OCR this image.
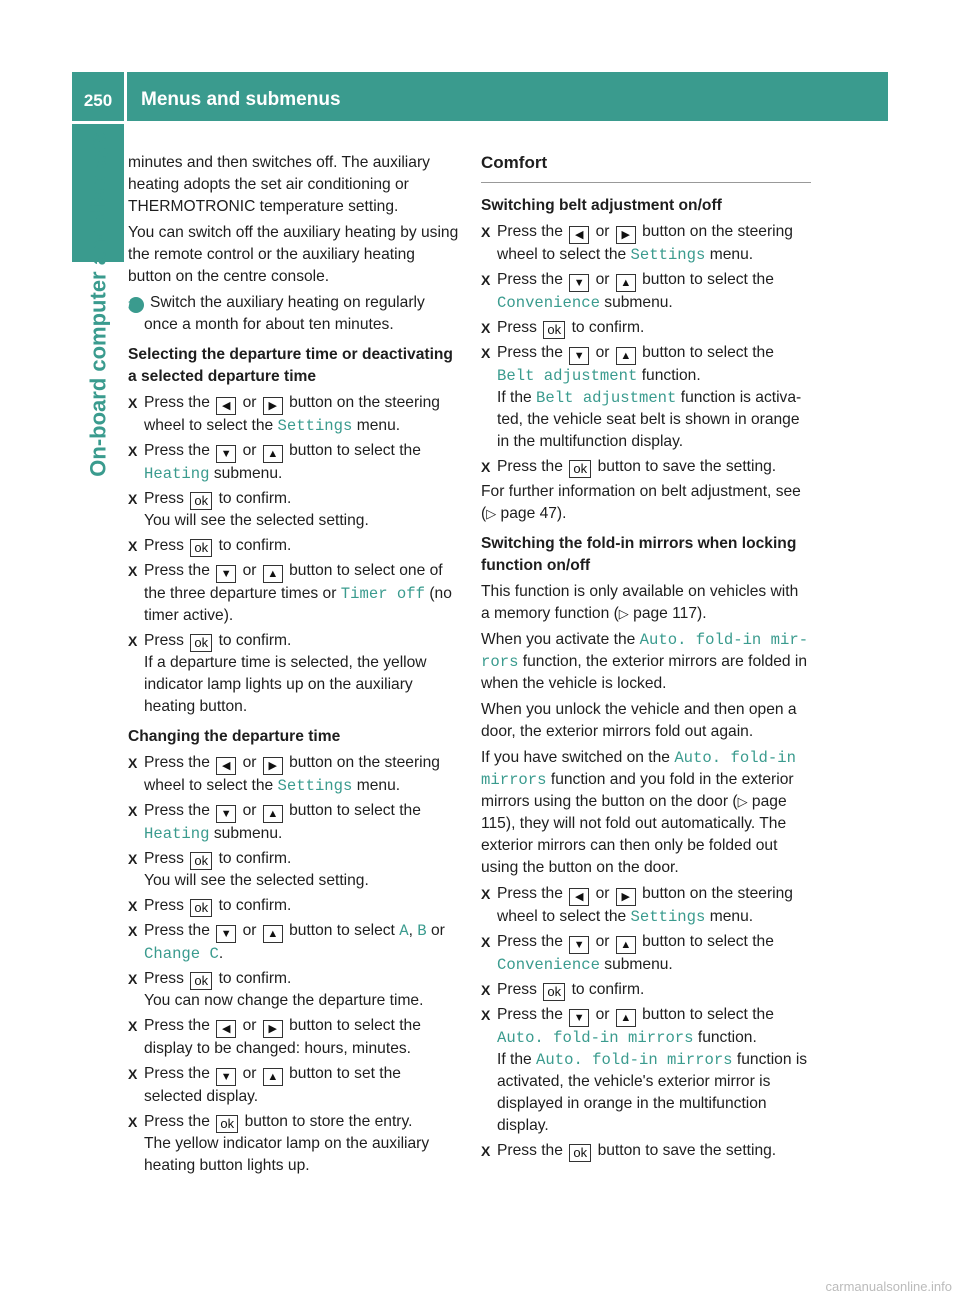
250	Menus and submenus
On-board computer and displays minutes and then switches off. The auxiliary heating adopts the set air conditioning or THERMOTRONIC temperature setting.

You can switch off the auxiliary heating by using the remote control or the auxiliary heating button on the centre console.

i Switch the auxiliary heating on regularly once a month for about ten minutes.

Selecting the departure time or deactivating a selected departure time

X Press the ◀ or ▶ button on the steering wheel to select the Settings menu.
X Press the ▼ or ▲ button to select the Heating submenu.
X Press ok to confirm.
You will see the selected setting.
X Press ok to confirm.
X Press the ▼ or ▲ button to select one of the three departure times or Timer off (no timer active).
X Press ok to confirm.
If a departure time is selected, the yellow indicator lamp lights up on the auxiliary heating button.

Changing the departure time

X Press the ◀ or ▶ button on the steering wheel to select the Settings menu.
X Press the ▼ or ▲ button to select the Heating submenu.
X Press ok to confirm.
You will see the selected setting.
X Press ok to confirm.
X Press the ▼ or ▲ button to select A, B or Change C.
X Press ok to confirm.
You can now change the departure time.
X Press the ◀ or ▶ button to select the display to be changed: hours, minutes.
X Press the ▼ or ▲ button to set the selected display.
X Press the ok button to store the entry.
The yellow indicator lamp on the auxiliary heating button lights up.
Comfort

Switching belt adjustment on/off

X Press the ◀ or ▶ button on the steering wheel to select the Settings menu.
X Press the ▼ or ▲ button to select the Convenience submenu.
X Press ok to confirm.
X Press the ▼ or ▲ button to select the Belt adjustment function.
If the Belt adjustment function is activated, the vehicle seat belt is shown in orange in the multifunction display.
X Press the ok button to save the setting.

For further information on belt adjustment, see (▷ page 47).

Switching the fold-in mirrors when locking function on/off

This function is only available on vehicles with a memory function (▷ page 117).

When you activate the Auto. fold-in mirrors function, the exterior mirrors are folded in when the vehicle is locked.

When you unlock the vehicle and then open a door, the exterior mirrors fold out again.

If you have switched on the Auto. fold-in mirrors function and you fold in the exterior mirrors using the button on the door (▷ page 115), they will not fold out automatically. The exterior mirrors can then only be folded out using the button on the door.

X Press the ◀ or ▶ button on the steering wheel to select the Settings menu.
X Press the ▼ or ▲ button to select the Convenience submenu.
X Press ok to confirm.
X Press the ▼ or ▲ button to select the Auto. fold-in mirrors function.
If the Auto. fold-in mirrors function is activated, the vehicle's exterior mirror is displayed in orange in the multifunction display.
X Press the ok button to save the setting.
carmanualsonline.info
